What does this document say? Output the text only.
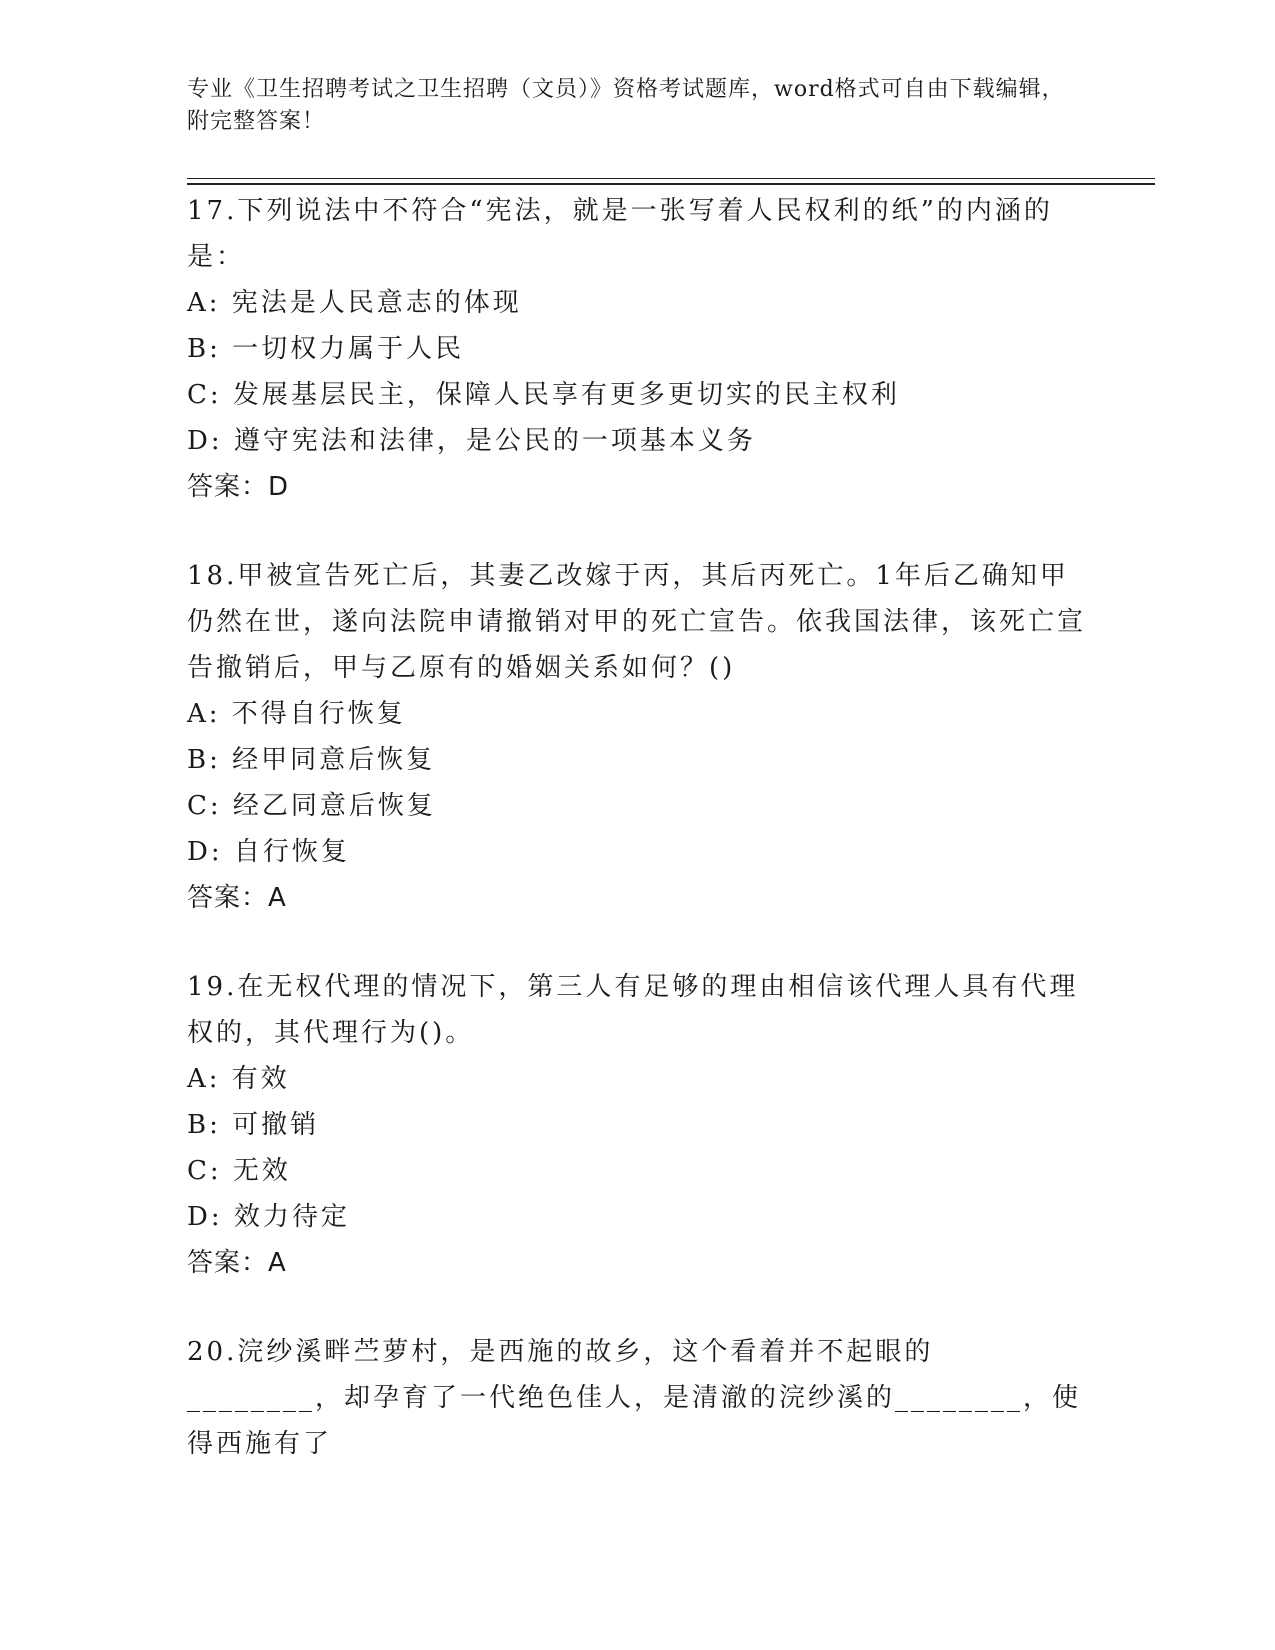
专业《卫生招聘考试之卫生招聘（文员）》资格考试题库，word格式可自由下载编辑，附完整答案！

17.下列说法中不符合“宪法，就是一张写着人民权利的纸”的内涵的是：

A: 宪法是人民意志的体现

B: 一切权力属于人民

C: 发展基层民主，保障人民享有更多更切实的民主权利

D: 遵守宪法和法律，是公民的一项基本义务

答案：D

18.甲被宣告死亡后，其妻乙改嫁于丙，其后丙死亡。1年后乙确知甲仍然在世，遂向法院申请撤销对甲的死亡宣告。依我国法律，该死亡宣告撤销后，甲与乙原有的婚姻关系如何？()

A: 不得自行恢复

B: 经甲同意后恢复

C: 经乙同意后恢复

D: 自行恢复

答案：A

19.在无权代理的情况下，第三人有足够的理由相信该代理人具有代理权的，其代理行为()。

A: 有效

B: 可撤销

C: 无效

D: 效力待定

答案：A

20.浣纱溪畔苎萝村，是西施的故乡，这个看着并不起眼的________，却孕育了一代绝色佳人，是清澈的浣纱溪的________，使得西施有了
